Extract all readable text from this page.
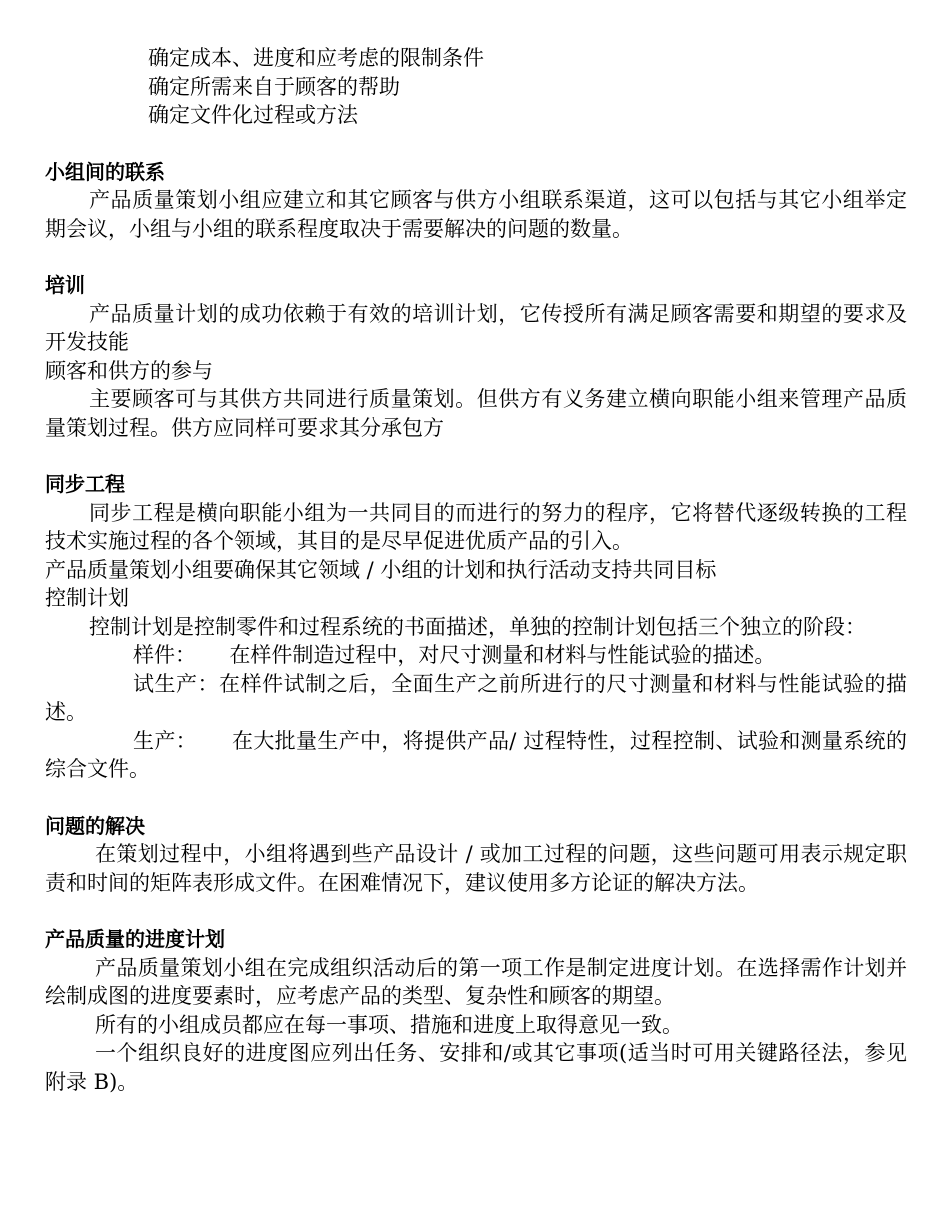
确定成本、进度和应考虑的限制条件
确定所需来自于顾客的帮助
确定文件化过程或方法
小组间的联系

产品质量策划小组应建立和其它顾客与供方小组联系渠道，这可以包括与其它小组举定期会议，小组与小组的联系程度取决于需要解决的问题的数量。

培训

产品质量计划的成功依赖于有效的培训计划，它传授所有满足顾客需要和期望的要求及开发技能

顾客和供方的参与

主要顾客可与其供方共同进行质量策划。但供方有义务建立横向职能小组来管理产品质量策划过程。供方应同样可要求其分承包方

同步工程

同步工程是横向职能小组为一共同目的而进行的努力的程序，它将替代逐级转换的工程技术实施过程的各个领域，其目的是尽早促进优质产品的引入。

产品质量策划小组要确保其它领域 / 小组的计划和执行活动支持共同目标

控制计划

控制计划是控制零件和过程系统的书面描述，单独的控制计划包括三个独立的阶段：

样件：     在样件制造过程中，对尺寸测量和材料与性能试验的描述。

试生产：在样件试制之后，全面生产之前所进行的尺寸测量和材料与性能试验的描述。

生产：     在大批量生产中，将提供产品/ 过程特性，过程控制、试验和测量系统的综合文件。

问题的解决

在策划过程中，小组将遇到些产品设计 / 或加工过程的问题，这些问题可用表示规定职责和时间的矩阵表形成文件。在困难情况下，建议使用多方论证的解决方法。

产品质量的进度计划

产品质量策划小组在完成组织活动后的第一项工作是制定进度计划。在选择需作计划并绘制成图的进度要素时，应考虑产品的类型、复杂性和顾客的期望。

所有的小组成员都应在每一事项、措施和进度上取得意见一致。

一个组织良好的进度图应列出任务、安排和/或其它事项(适当时可用关键路径法，参见附录 B)。
